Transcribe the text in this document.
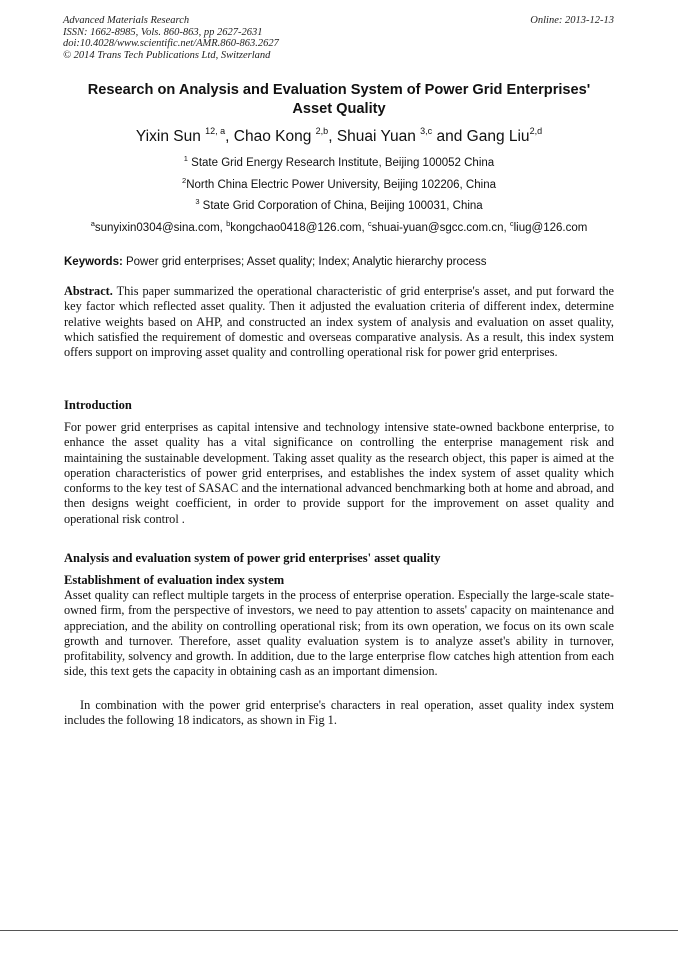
Advanced Materials Research
ISSN: 1662-8985, Vols. 860-863, pp 2627-2631
doi:10.4028/www.scientific.net/AMR.860-863.2627
© 2014 Trans Tech Publications Ltd, Switzerland
Online: 2013-12-13
Research on Analysis and Evaluation System of Power Grid Enterprises'
Asset Quality
Yixin Sun $^{12, a}$, Chao Kong $^{2,b}$, Shuai Yuan $^{3,c}$ and Gang Liu$^{2,d}$
$^1$ State Grid Energy Research Institute, Beijing 100052 China
$^2$North China Electric Power University, Beijing 102206, China
$^3$ State Grid Corporation of China, Beijing 100031, China
$^a$sunyixin0304@sina.com, $^b$kongchao0418@126.com, $^c$shuai-yuan@sgcc.com.cn, $^c$liug@126.com
Keywords: Power grid enterprises; Asset quality; Index; Analytic hierarchy process
Abstract. This paper summarized the operational characteristic of grid enterprise's asset, and put forward the key factor which reflected asset quality. Then it adjusted the evaluation criteria of different index, determine relative weights based on AHP, and constructed an index system of analysis and evaluation on asset quality, which satisfied the requirement of domestic and overseas comparative analysis. As a result, this index system offers support on improving asset quality and controlling operational risk for power grid enterprises.
Introduction
For power grid enterprises as capital intensive and technology intensive state-owned backbone enterprise, to enhance the asset quality has a vital significance on controlling the enterprise management risk and maintaining the sustainable development. Taking asset quality as the research object, this paper is aimed at the operation characteristics of power grid enterprises, and establishes the index system of asset quality which conforms to the key test of SASAC and the international advanced benchmarking both at home and abroad, and then designs weight coefficient, in order to provide support for the improvement on asset quality and operational risk control .
Analysis and evaluation system of power grid enterprises' asset quality
Establishment of evaluation index system
Asset quality can reflect multiple targets in the process of enterprise operation. Especially the large-scale state-owned firm, from the perspective of investors, we need to pay attention to assets' capacity on maintenance and appreciation, and the ability on controlling operational risk; from its own operation, we focus on its own scale growth and turnover. Therefore, asset quality evaluation system is to analyze asset's ability in turnover, profitability, solvency and growth. In addition, due to the large enterprise flow catches high attention from each side, this text gets the capacity in obtaining cash as an important dimension.
In combination with the power grid enterprise's characters in real operation, asset quality index system includes the following 18 indicators, as shown in Fig 1.
